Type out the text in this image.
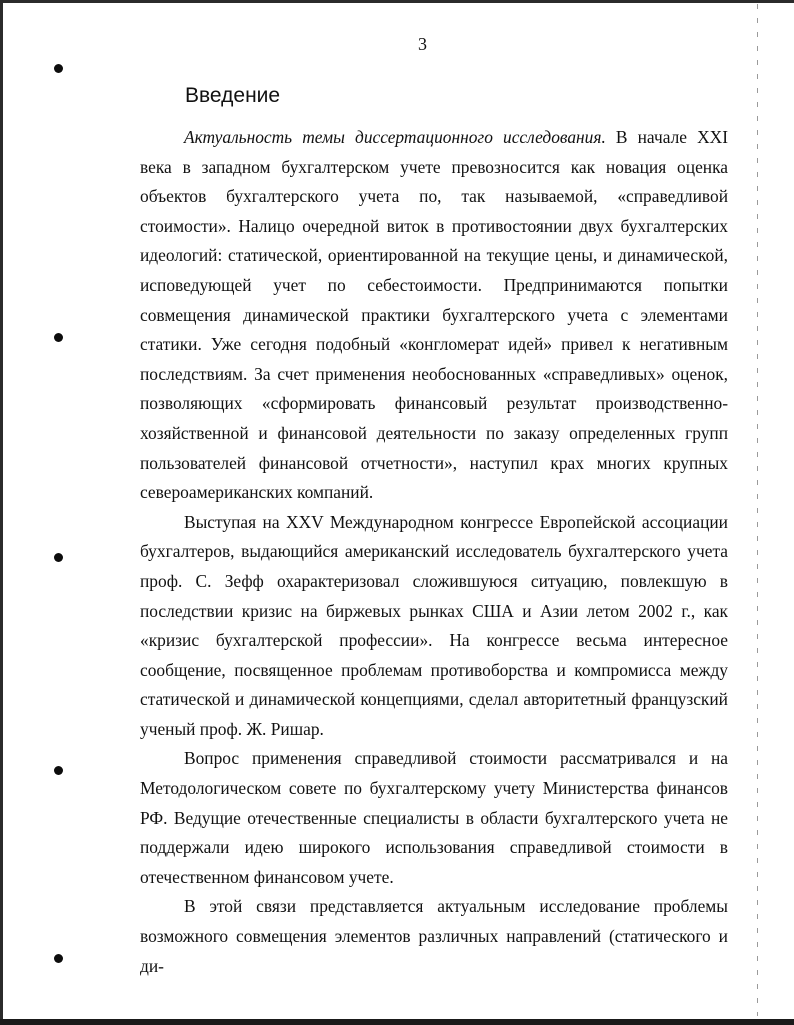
3
Введение

Актуальность темы диссертационного исследования. В начале XXI века в западном бухгалтерском учете превозносится как новация оценка объектов бухгалтерского учета по, так называемой, «справедливой стоимости». Налицо очередной виток в противостоянии двух бухгалтерских идеологий: статической, ориентированной на текущие цены, и динамической, исповедующей учет по себестоимости. Предпринимаются попытки совмещения динамической практики бухгалтерского учета с элементами статики. Уже сегодня подобный «конгломерат идей» привел к негативным последствиям. За счет применения необоснованных «справедливых» оценок, позволяющих «сформировать финансовый результат производственно-хозяйственной и финансовой деятельности по заказу определенных групп пользователей финансовой отчетности», наступил крах многих крупных североамериканских компаний.

Выступая на XXV Международном конгрессе Европейской ассоциации бухгалтеров, выдающийся американский исследователь бухгалтерского учета проф. С. Зефф охарактеризовал сложившуюся ситуацию, повлекшую в последствии кризис на биржевых рынках США и Азии летом 2002 г., как «кризис бухгалтерской профессии». На конгрессе весьма интересное сообщение, посвященное проблемам противоборства и компромисса между статической и динамической концепциями, сделал авторитетный французский ученый проф. Ж. Ришар.

Вопрос применения справедливой стоимости рассматривался и на Методологическом совете по бухгалтерскому учету Министерства финансов РФ. Ведущие отечественные специалисты в области бухгалтерского учета не поддержали идею широкого использования справедливой стоимости в отечественном финансовом учете.

В этой связи представляется актуальным исследование проблемы возможного совмещения элементов различных направлений (статического и ди-
